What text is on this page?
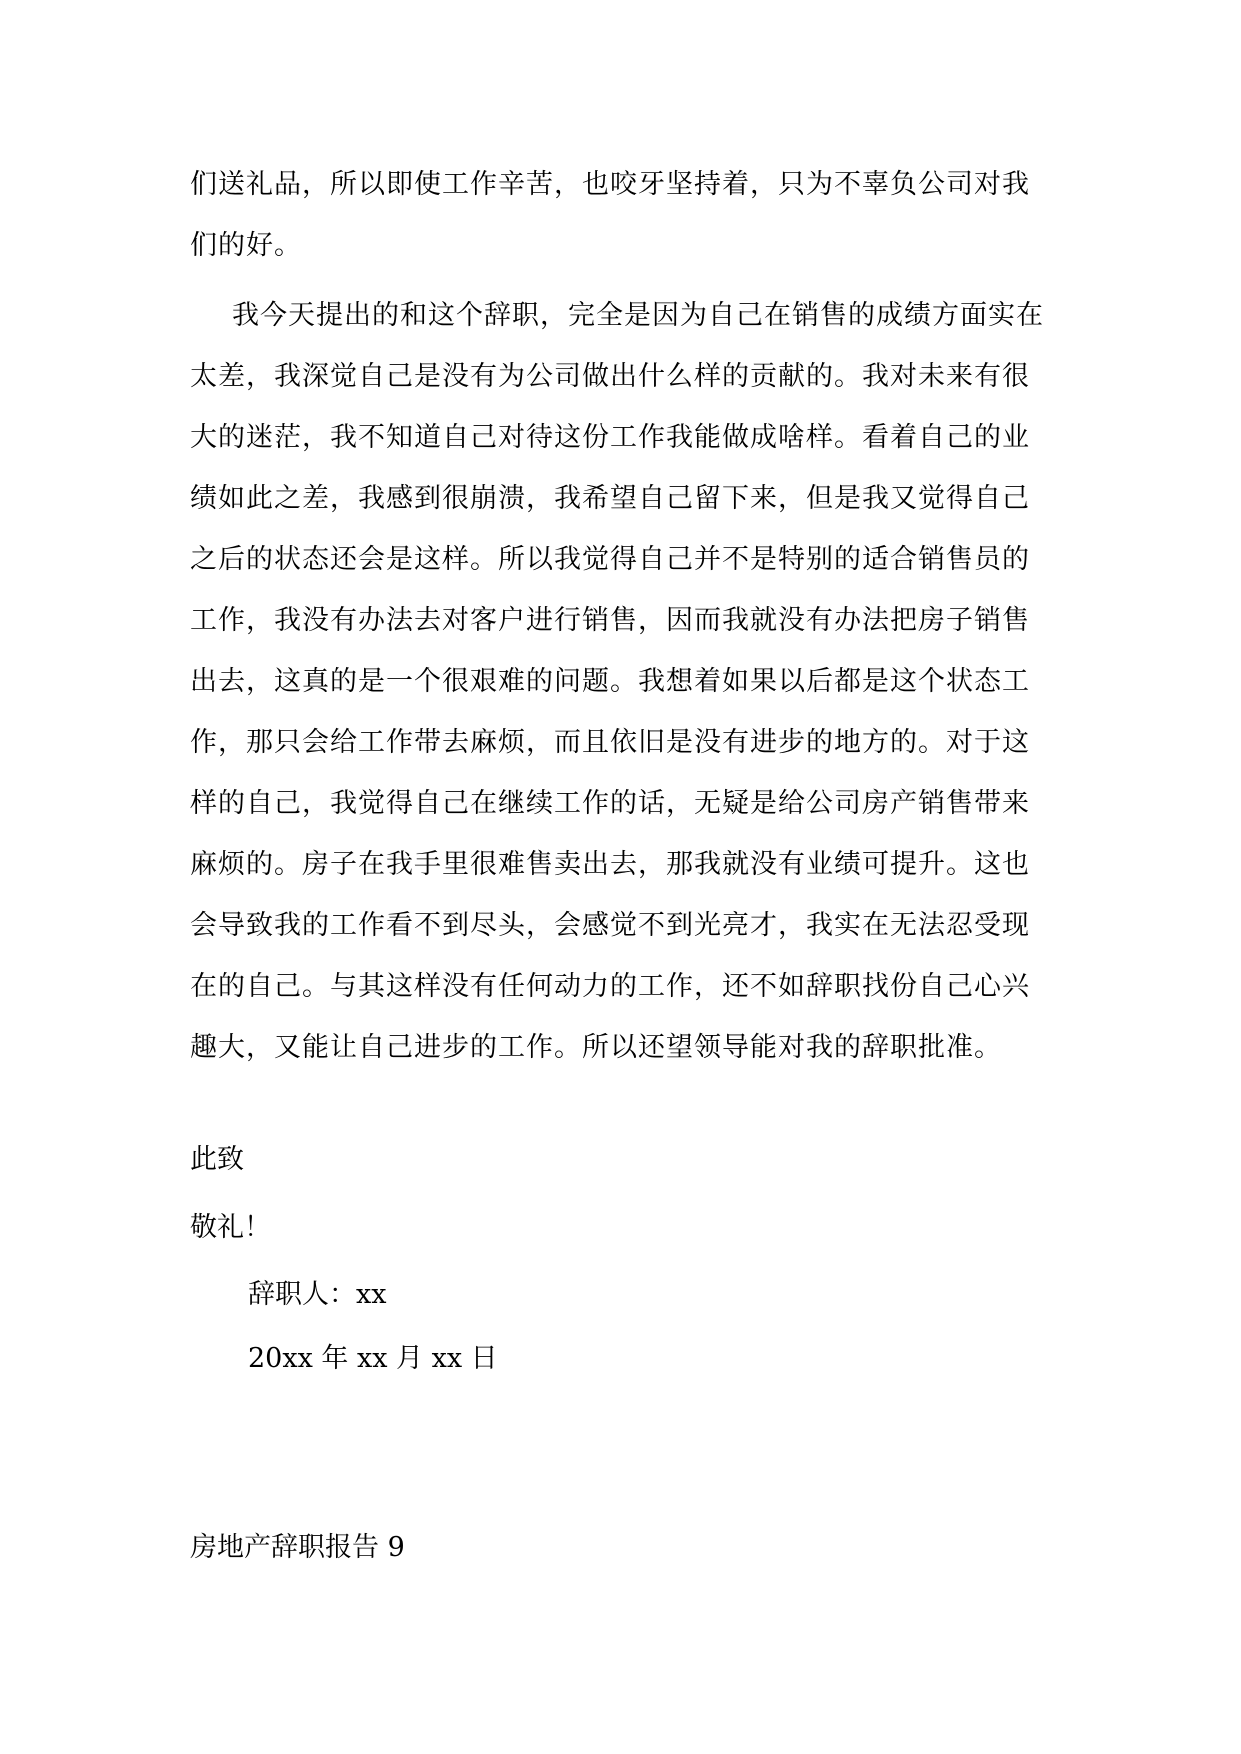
们送礼品，所以即使工作辛苦，也咬牙坚持着，只为不辜负公司对我们的好。

我今天提出的和这个辞职，完全是因为自己在销售的成绩方面实在太差，我深觉自己是没有为公司做出什么样的贡献的。我对未来有很大的迷茫，我不知道自己对待这份工作我能做成啥样。看着自己的业绩如此之差，我感到很崩溃，我希望自己留下来，但是我又觉得自己之后的状态还会是这样。所以我觉得自己并不是特别的适合销售员的工作，我没有办法去对客户进行销售，因而我就没有办法把房子销售出去，这真的是一个很艰难的问题。我想着如果以后都是这个状态工作，那只会给工作带去麻烦，而且依旧是没有进步的地方的。对于这样的自己，我觉得自己在继续工作的话，无疑是给公司房产销售带来麻烦的。房子在我手里很难售卖出去，那我就没有业绩可提升。这也会导致我的工作看不到尽头，会感觉不到光亮才，我实在无法忍受现在的自己。与其这样没有任何动力的工作，还不如辞职找份自己心兴趣大，又能让自己进步的工作。所以还望领导能对我的辞职批准。

此致

敬礼！

辞职人：xx

20xx 年 xx 月 xx 日

房地产辞职报告 9
